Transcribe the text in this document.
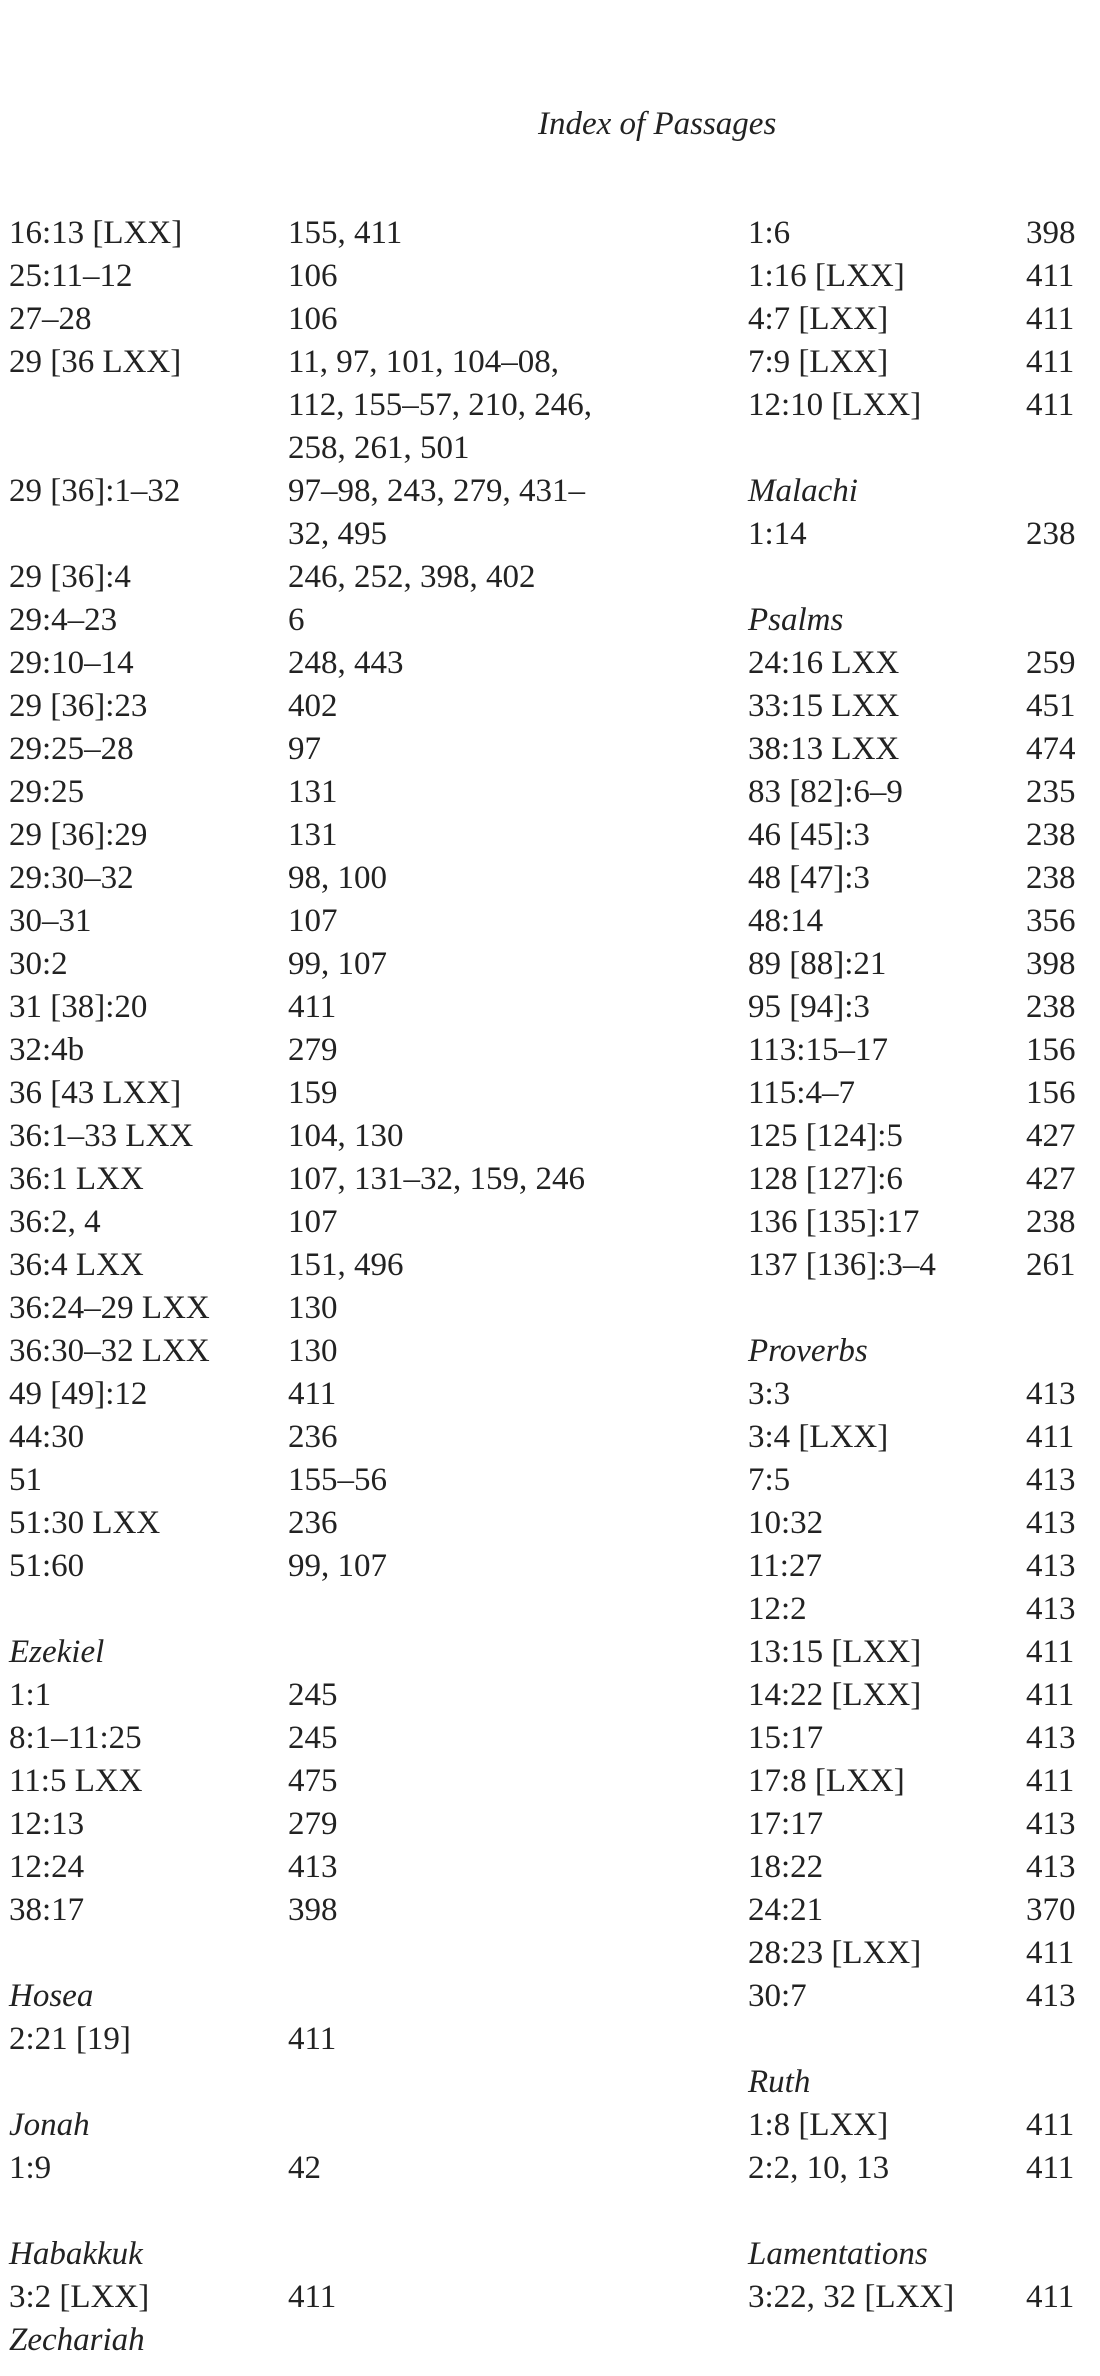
Index of Passages
16:13 [LXX]	155, 411
25:11–12	106
27–28	106
29 [36 LXX]	11, 97, 101, 104–08,
112, 155–57, 210, 246,
258, 261, 501
29 [36]:1–32	97–98, 243, 279, 431–
32, 495
29 [36]:4	246, 252, 398, 402
29:4–23	6
29:10–14	248, 443
29 [36]:23	402
29:25–28	97
29:25	131
29 [36]:29	131
29:30–32	98, 100
30–31	107
30:2	99, 107
31 [38]:20	411
32:4b	279
36 [43 LXX]	159
36:1–33 LXX	104, 130
36:1 LXX	107, 131–32, 159, 246
36:2, 4	107
36:4 LXX	151, 496
36:24–29 LXX	130
36:30–32 LXX	130
49 [49]:12	411
44:30	236
51	155–56
51:30 LXX	236
51:60	99, 107
Ezekiel
1:1	245
8:1–11:25	245
11:5 LXX	475
12:13	279
12:24	413
38:17	398
Hosea
2:21 [19]	411
Jonah
1:9	42
Habakkuk
3:2 [LXX]	411
Zechariah
1:6	398
1:16 [LXX]	411
4:7 [LXX]	411
7:9 [LXX]	411
12:10 [LXX]	411
Malachi
1:14	238
Psalms
24:16 LXX	259
33:15 LXX	451
38:13 LXX	474
83 [82]:6–9	235
46 [45]:3	238
48 [47]:3	238
48:14	356
89 [88]:21	398
95 [94]:3	238
113:15–17	156
115:4–7	156
125 [124]:5	427
128 [127]:6	427
136 [135]:17	238
137 [136]:3–4	261
Proverbs
3:3	413
3:4 [LXX]	411
7:5	413
10:32	413
11:27	413
12:2	413
13:15 [LXX]	411
14:22 [LXX]	411
15:17	413
17:8 [LXX]	411
17:17	413
18:22	413
24:21	370
28:23 [LXX]	411
30:7	413
Ruth
1:8 [LXX]	411
2:2, 10, 13	411
Lamentations
3:22, 32 [LXX]	411
